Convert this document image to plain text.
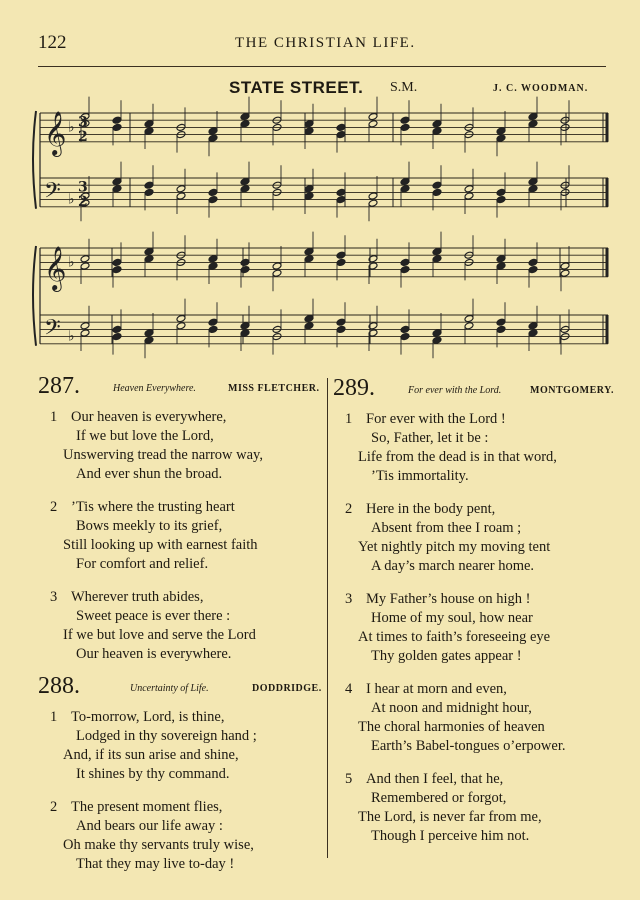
122	THE CHRISTIAN LIFE.
STATE STREET. S.M.	J. C. WOODMAN.
𝄞 ♭ 3
2
𝄢 ♭
3
2
𝄞 ♭
𝄢 ♭
287.	Heaven Everywhere.	MISS FLETCHER.
1 Our heaven is everywhere,
If we but love the Lord,
Unswerving tread the narrow way,
And ever shun the broad.
2 ’Tis where the trusting heart
Bows meekly to its grief,
Still looking up with earnest faith
For comfort and relief.
3 Wherever truth abides,
Sweet peace is ever there :
If we but love and serve the Lord
Our heaven is everywhere.
288.	Uncertainty of Life.	DODDRIDGE.
1 To-morrow, Lord, is thine,
Lodged in thy sovereign hand ;
And, if its sun arise and shine,
It shines by thy command.
2 The present moment flies,
And bears our life away :
Oh make thy servants truly wise,
That they may live to-day !
289.	For ever with the Lord.	MONTGOMERY.
1 For ever with the Lord !
So, Father, let it be :
Life from the dead is in that word,
’Tis immortality.
2 Here in the body pent,
Absent from thee I roam ;
Yet nightly pitch my moving tent
A day’s march nearer home.
3 My Father’s house on high !
Home of my soul, how near
At times to faith’s foreseeing eye
Thy golden gates appear !
4 I hear at morn and even,
At noon and midnight hour,
The choral harmonies of heaven
Earth’s Babel-tongues o’erpower.
5 And then I feel, that he,
Remembered or forgot,
The Lord, is never far from me,
Though I perceive him not.
